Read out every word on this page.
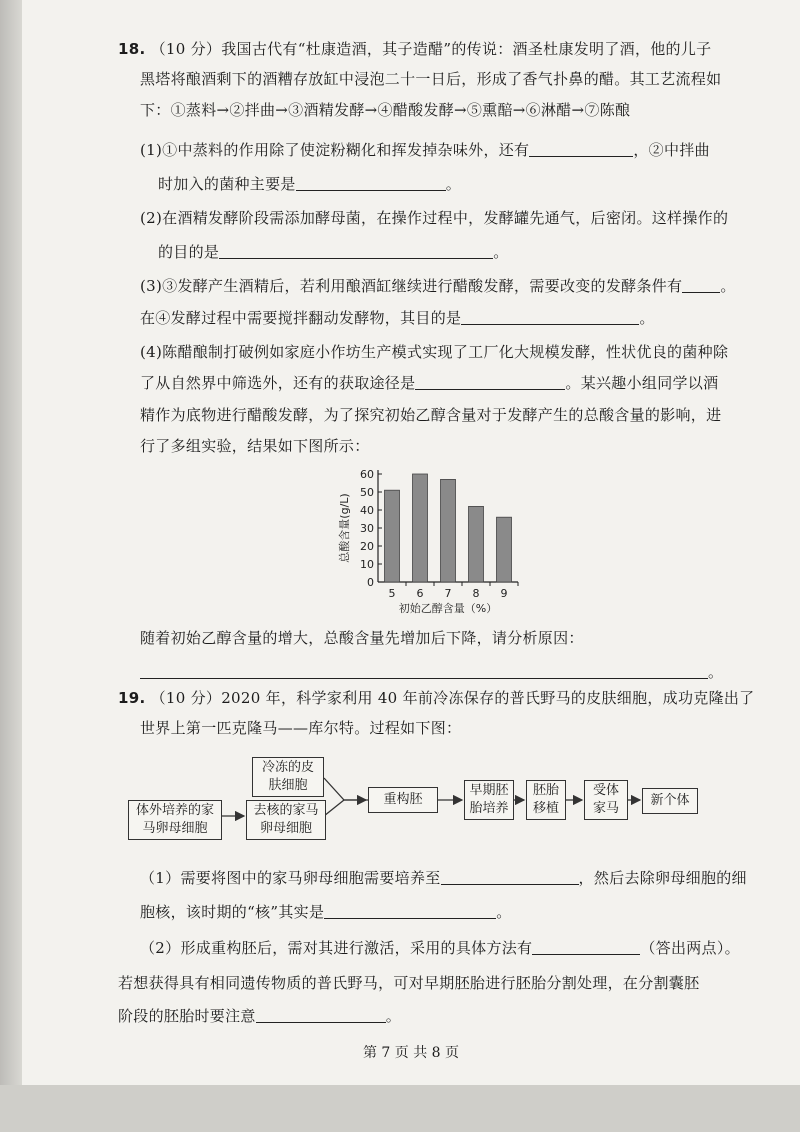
18. （10 分）我国古代有“杜康造酒，其子造醋”的传说：酒圣杜康发明了酒，他的儿子
黑塔将酿酒剩下的酒糟存放缸中浸泡二十一日后，形成了香气扑鼻的醋。其工艺流程如
下：①蒸料→②拌曲→③酒精发酵→④醋酸发酵→⑤熏醅→⑥淋醋→⑦陈酿
(1)①中蒸料的作用除了使淀粉糊化和挥发掉杂味外，还有	，②中拌曲
时加入的菌种主要是	。
(2)在酒精发酵阶段需添加酵母菌，在操作过程中，发酵罐先通气，后密闭。这样操作的
的目的是	。
(3)③发酵产生酒精后，若利用酿酒缸继续进行醋酸发酵，需要改变的发酵条件有	。
在④发酵过程中需要搅拌翻动发酵物，其目的是	。
(4)陈醋酿制打破例如家庭小作坊生产模式实现了工厂化大规模发酵，性状优良的菌种除
了从自然界中筛选外，还有的获取途径是	。某兴趣小组同学以酒
精作为底物进行醋酸发酵，为了探究初始乙醇含量对于发酵产生的总酸含量的影响，进
行了多组实验，结果如下图所示：
0
10
20
30
40
50
60
5 6 7 8 9
初始乙醇含量（%）
总酸含量(g/L)
随着初始乙醇含量的增大，总酸含量先增加后下降，请分析原因：
。
19. （10 分）2020 年，科学家利用 40 年前冷冻保存的普氏野马的皮肤细胞，成功克隆出了
世界上第一匹克隆马——库尔特。过程如下图：
冷冻的皮
肤细胞
体外培养的家
马卵母细胞
去核的家马
卵母细胞
重构胚
早期胚
胎培养
胚胎
移植
受体
家马
新个体
（1）需要将图中的家马卵母细胞需要培养至	，然后去除卵母细胞的细
胞核，该时期的“核”其实是	。
（2）形成重构胚后，需对其进行激活，采用的具体方法有	（答出两点）。
若想获得具有相同遗传物质的普氏野马，可对早期胚胎进行胚胎分割处理，在分割囊胚
阶段的胚胎时要注意	。
第 7 页 共 8 页
